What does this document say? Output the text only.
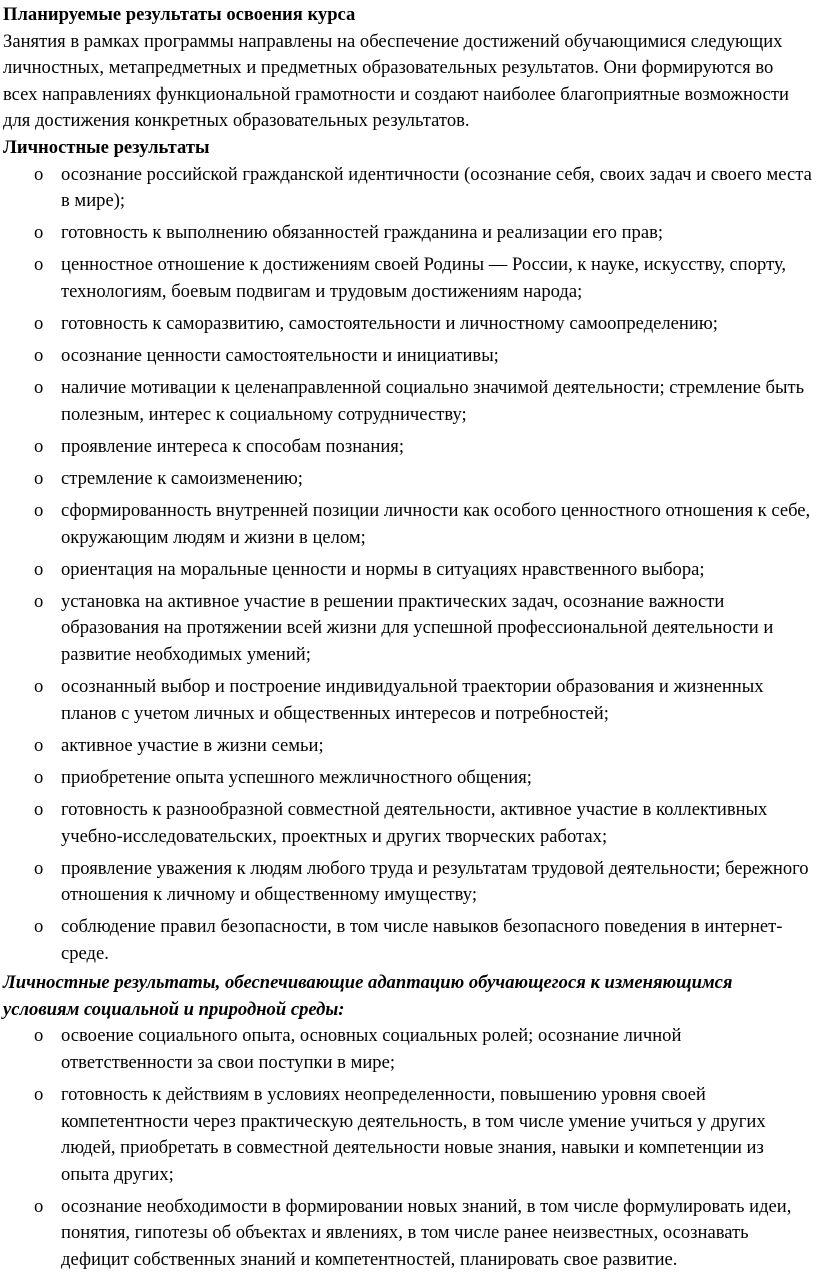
Планируемые результаты освоения курса

Занятия в рамках программы направлены на обеспечение достижений обучающимися следующих личностных, метапредметных и предметных образовательных результатов. Они формируются во всех направлениях функциональной грамотности и создают наиболее благоприятные возможности для достижения конкретных образовательных результатов.

Личностные результаты

o осознание российской гражданской идентичности (осознание себя, своих задач и своего места в мире);
o готовность к выполнению обязанностей гражданина и реализации его прав;
o ценностное отношение к достижениям своей Родины — России, к науке, искусству, спорту, технологиям, боевым подвигам и трудовым достижениям народа;
o готовность к саморазвитию, самостоятельности и личностному самоопределению;
o осознание ценности самостоятельности и инициативы;
o наличие мотивации к целенаправленной социально значимой деятельности; стремление быть полезным, интерес к социальному сотрудничеству;
o проявление интереса к способам познания;
o стремление к самоизменению;
o сформированность внутренней позиции личности как особого ценностного отношения к себе, окружающим людям и жизни в целом;
o ориентация на моральные ценности и нормы в ситуациях нравственного выбора;
o установка на активное участие в решении практических задач, осознание важности образования на протяжении всей жизни для успешной профессиональной деятельности и развитие необходимых умений;
o осознанный выбор и построение индивидуальной траектории образования и жизненных планов с учетом личных и общественных интересов и потребностей;
o активное участие в жизни семьи;
o приобретение опыта успешного межличностного общения;
o готовность к разнообразной совместной деятельности, активное участие в коллективных учебно-исследовательских, проектных и других творческих работах;
o проявление уважения к людям любого труда и результатам трудовой деятельности; бережного отношения к личному и общественному имуществу;
o соблюдение правил безопасности, в том числе навыков безопасного поведения в интернет-среде.

Личностные результаты, обеспечивающие адаптацию обучающегося к изменяющимся условиям социальной и природной среды:

o освоение социального опыта, основных социальных ролей; осознание личной ответственности за свои поступки в мире;
o готовность к действиям в условиях неопределенности, повышению уровня своей компетентности через практическую деятельность, в том числе умение учиться у других людей, приобретать в совместной деятельности новые знания, навыки и компетенции из опыта других;
o осознание необходимости в формировании новых знаний, в том числе формулировать идеи, понятия, гипотезы об объектах и явлениях, в том числе ранее неизвестных, осознавать дефицит собственных знаний и компетентностей, планировать свое развитие.
